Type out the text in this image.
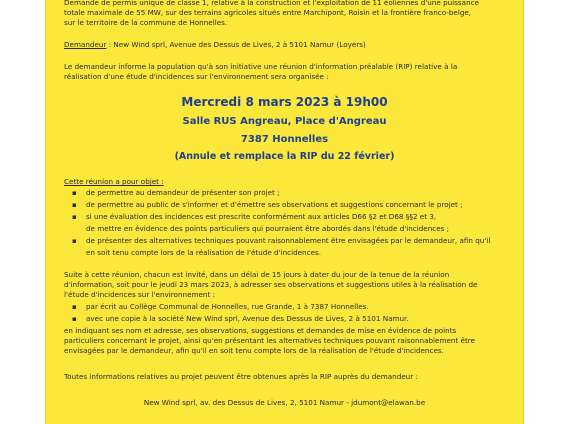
Demande de permis unique de classe 1, relative à la construction et l'exploitation de 11 éoliennes d'une puissance
totale maximale de 55 MW, sur des terrains agricoles situés entre Marchipont, Roisin et la frontière franco-belge,
sur le territoire de la commune de Honnelles.
Demandeur : New Wind sprl, Avenue des Dessus de Lives, 2 à 5101 Namur (Loyers)
Le demandeur informe la population qu'à son initiative une réunion d'information préalable (RIP) relative à la
réalisation d'une étude d'incidences sur l'environnement sera organisée :
Mercredi 8 mars 2023 à 19h00
Salle RUS Angreau, Place d'Angreau
7387 Honnelles
(Annule et remplace la RIP du 22 février)
Cette réunion a pour objet :
▪ de permettre au demandeur de présenter son projet ;
▪ de permettre au public de s'informer et d'émettre ses observations et suggestions concernant le projet ;
▪ si une évaluation des incidences est prescrite conformément aux articles D66 §2 et D68 §§2 et 3,
de mettre en évidence des points particuliers qui pourraient être abordés dans l'étude d'incidences ;
▪ de présenter des alternatives techniques pouvant raisonnablement être envisagées par le demandeur, afin qu'il
en soit tenu compte lors de la réalisation de l'étude d'incidences.
Suite à cette réunion, chacun est invité, dans un délai de 15 jours à dater du jour de la tenue de la réunion
d'information, soit pour le jeudi 23 mars 2023, à adresser ses observations et suggestions utiles à la réalisation de
l'étude d'incidences sur l'environnement :
▪ par écrit au Collège Communal de Honnelles, rue Grande, 1 à 7387 Honnelles.
▪ avec une copie à la société New Wind sprl, Avenue des Dessus de Lives, 2 à 5101 Namur.
en indiquant ses nom et adresse, ses observations, suggestions et demandes de mise en évidence de points
particuliers concernant le projet, ainsi qu'en présentant les alternatives techniques pouvant raisonnablement être
envisagées par le demandeur, afin qu'il en soit tenu compte lors de la réalisation de l'étude d'incidences.
Toutes informations relatives au projet peuvent être obtenues après la RIP auprès du demandeur :
New Wind sprl, av. des Dessus de Lives, 2, 5101 Namur - jdumont@elawan.be
